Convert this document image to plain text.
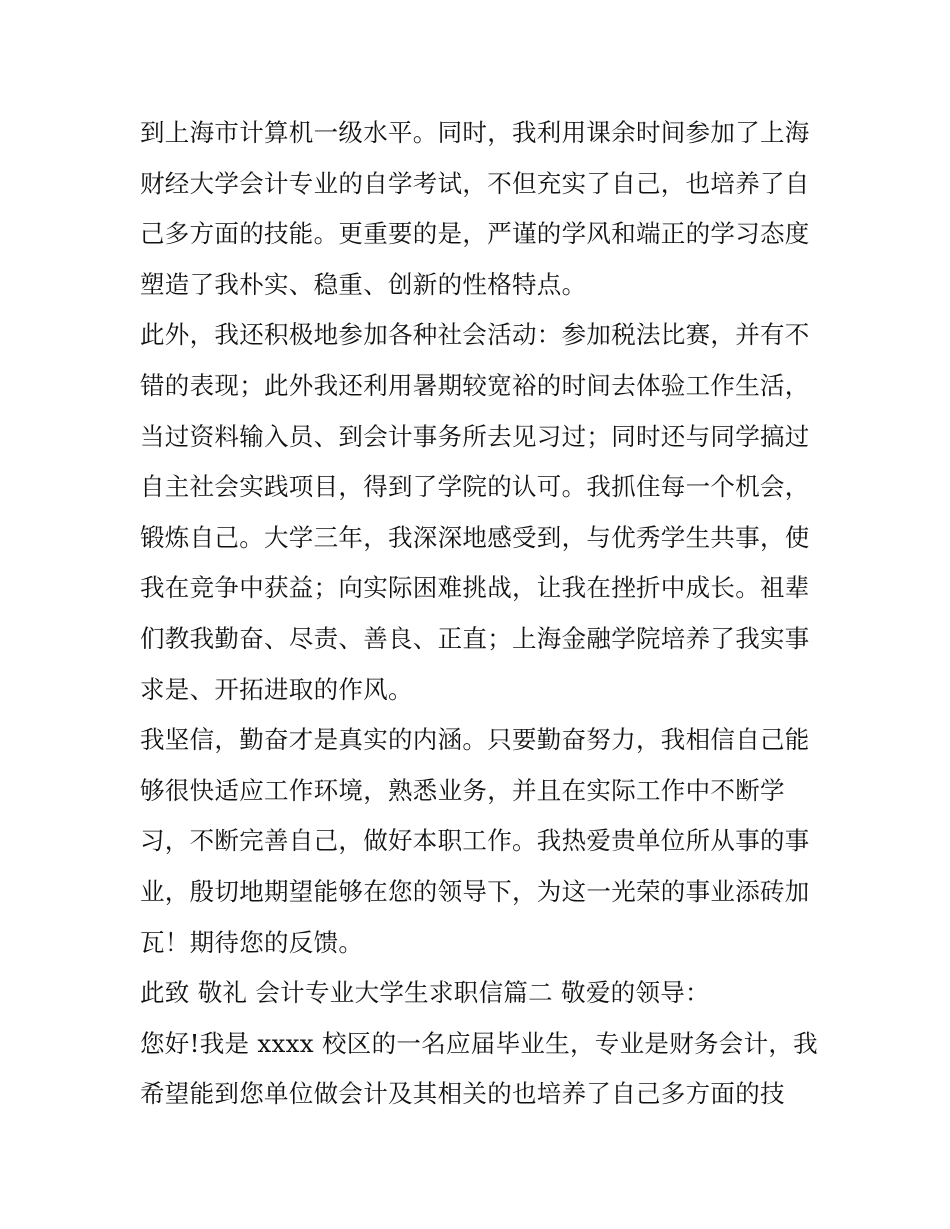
到上海市计算机一级水平。同时，我利用课余时间参加了上海
财经大学会计专业的自学考试，不但充实了自己，也培养了自
己多方面的技能。更重要的是，严谨的学风和端正的学习态度
塑造了我朴实、稳重、创新的性格特点。
此外，我还积极地参加各种社会活动：参加税法比赛，并有不
错的表现；此外我还利用暑期较宽裕的时间去体验工作生活，
当过资料输入员、到会计事务所去见习过；同时还与同学搞过
自主社会实践项目，得到了学院的认可。我抓住每一个机会，
锻炼自己。大学三年，我深深地感受到，与优秀学生共事，使
我在竞争中获益；向实际困难挑战，让我在挫折中成长。祖辈
们教我勤奋、尽责、善良、正直；上海金融学院培养了我实事
求是、开拓进取的作风。
我坚信，勤奋才是真实的内涵。只要勤奋努力，我相信自己能
够很快适应工作环境，熟悉业务，并且在实际工作中不断学
习，不断完善自己，做好本职工作。我热爱贵单位所从事的事
业，殷切地期望能够在您的领导下，为这一光荣的事业添砖加
瓦！期待您的反馈。
此致 敬礼 会计专业大学生求职信篇二 敬爱的领导：
您好!我是 xxxx 校区的一名应届毕业生，专业是财务会计，我
希望能到您单位做会计及其相关的也培养了自己多方面的技
